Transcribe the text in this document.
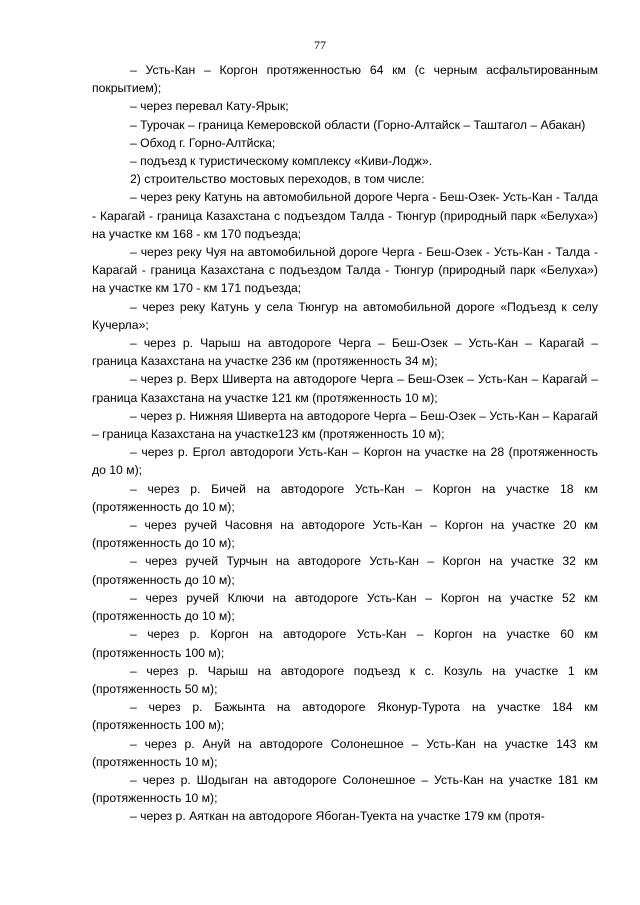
77

– Усть-Кан – Коргон протяженностью 64 км (с черным асфальтированным покрытием);

– через перевал Кату-Ярык;

– Турочак – граница Кемеровской области (Горно-Алтайск – Таштагол – Абакан)

– Обход г. Горно-Алтйска;

– подъезд к туристическому комплексу «Киви-Лодж».

2) строительство мостовых переходов, в том числе:

– через реку Катунь на автомобильной дороге Черга - Беш-Озек- Усть-Кан - Талда - Карагай - граница Казахстана с подъездом Талда - Тюнгур (природный парк «Белуха») на участке км 168 - км 170 подъезда;

– через реку Чуя на автомобильной дороге Черга - Беш-Озек - Усть-Кан - Талда - Карагай - граница Казахстана с подъездом Талда - Тюнгур (природный парк «Белуха») на участке км 170 - км 171 подъезда;

– через реку Катунь у села Тюнгур на автомобильной дороге «Подъезд к селу Кучерла»;

– через р. Чарыш на автодороге Черга – Беш-Озек – Усть-Кан – Карагай – граница Казахстана на участке 236 км (протяженность 34 м);

– через р. Верх Шиверта на автодороге Черга – Беш-Озек – Усть-Кан – Карагай – граница Казахстана на участке 121 км (протяженность 10 м);

– через р. Нижняя Шиверта на автодороге Черга – Беш-Озек – Усть-Кан – Карагай – граница Казахстана на участке123 км (протяженность 10 м);

– через р. Ергол автодороги Усть-Кан – Коргон на участке на 28 (протяженность до 10 м);

– через р. Бичей на автодороге Усть-Кан – Коргон на участке 18 км (протяженность до 10 м);

– через ручей Часовня на автодороге Усть-Кан – Коргон на участке 20 км (протяженность до 10 м);

– через ручей Турчын на автодороге Усть-Кан – Коргон на участке 32 км (протяженность до 10 м);

– через ручей Ключи на автодороге Усть-Кан – Коргон на участке 52 км (протяженность до 10 м);

– через р. Коргон на автодороге Усть-Кан – Коргон на участке 60 км (протяженность 100 м);

– через р. Чарыш на автодороге подъезд к с. Козуль на участке 1 км (протяженность 50 м);

– через р. Бажынта на автодороге Яконур-Турота на участке 184 км (протяженность 100 м);

– через р. Ануй на автодороге Солонешное – Усть-Кан на участке 143 км (протяженность 10 м);

– через р. Шодыган на автодороге Солонешное – Усть-Кан на участке 181 км (протяженность 10 м);

– через р. Аяткан на автодороге Ябоган-Туекта на участке 179 км (протя-
